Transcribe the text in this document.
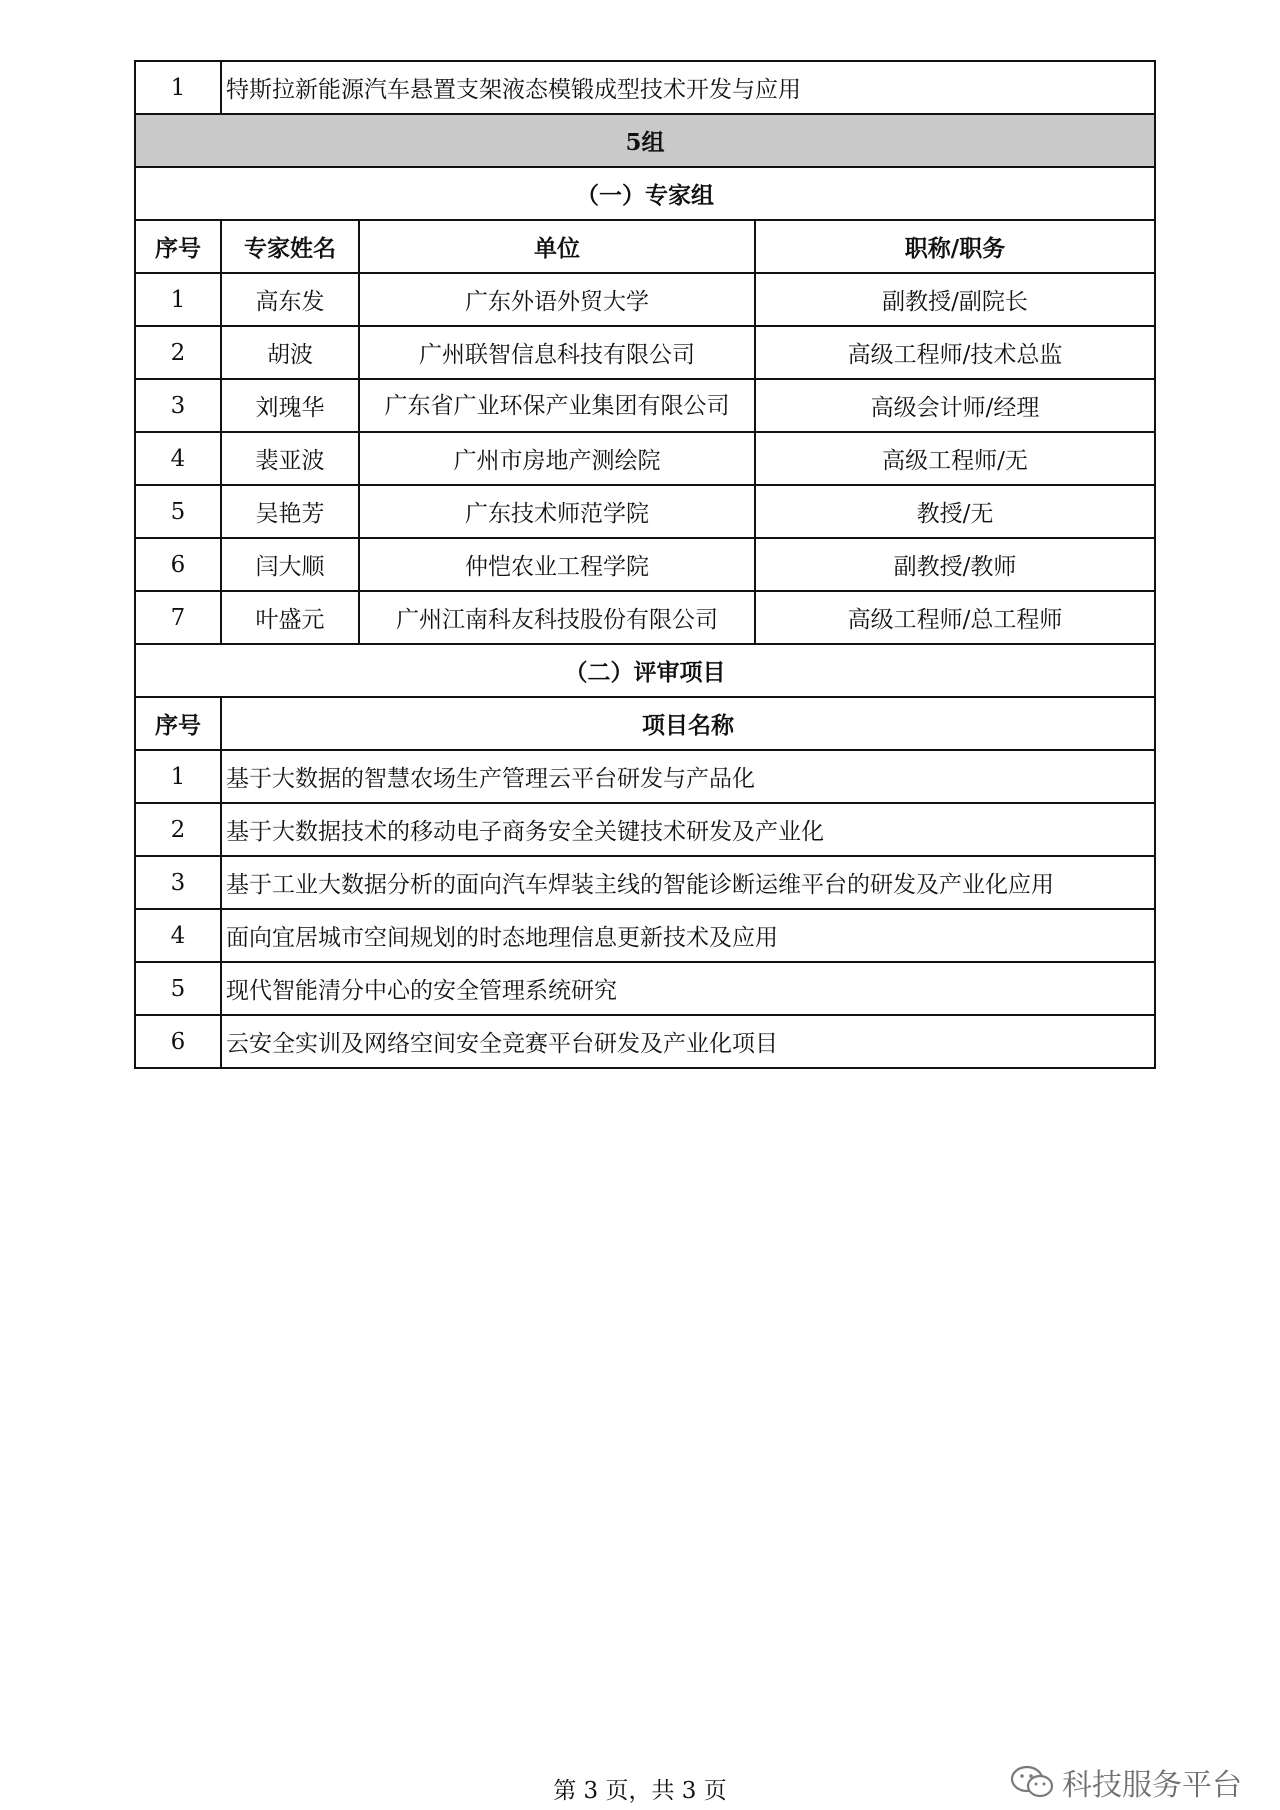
1	特斯拉新能源汽车悬置支架液态模锻成型技术开发与应用		
5组			
（一）专家组			
序号	专家姓名	单位	职称/职务
1	高东发	广东外语外贸大学	副教授/副院长
2	胡波	广州联智信息科技有限公司	高级工程师/技术总监
3	刘瑰华	广东省广业环保产业集团有限公司	高级会计师/经理
4	裴亚波	广州市房地产测绘院	高级工程师/无
5	吴艳芳	广东技术师范学院	教授/无
6	闫大顺	仲恺农业工程学院	副教授/教师
7	叶盛元	广州江南科友科技股份有限公司	高级工程师/总工程师
（二）评审项目			
序号	项目名称		
1	基于大数据的智慧农场生产管理云平台研发与产品化		
2	基于大数据技术的移动电子商务安全关键技术研发及产业化		
3	基于工业大数据分析的面向汽车焊装主线的智能诊断运维平台的研发及产业化应用		
4	面向宜居城市空间规划的时态地理信息更新技术及应用		
5	现代智能清分中心的安全管理系统研究		
6	云安全实训及网络空间安全竞赛平台研发及产业化项目		
第 3 页，共 3 页	科技服务平台
